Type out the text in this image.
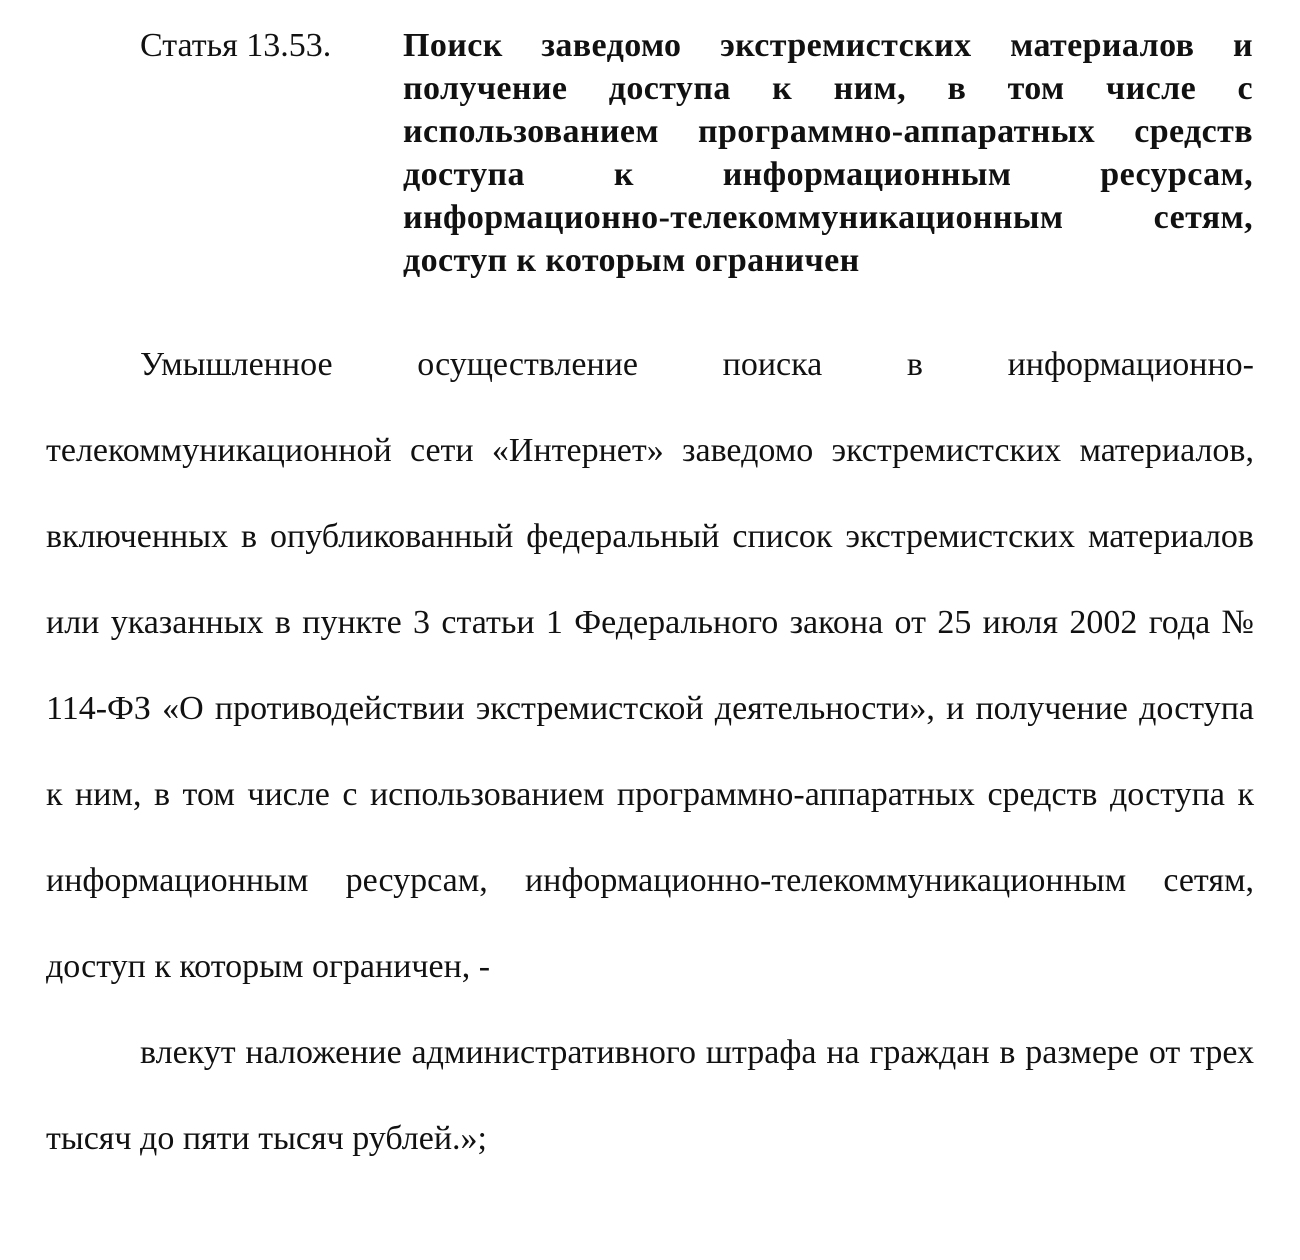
Статья 13.53. Поиск заведомо экстремистских материалов и получение доступа к ним, в том числе с использованием программно-аппаратных средств доступа к информационным ресурсам, информационно-телекоммуникационным сетям, доступ к которым ограничен

Умышленное осуществление поиска в информационно-телекоммуникационной сети «Интернет» заведомо экстремистских материалов, включенных в опубликованный федеральный список экстремистских материалов или указанных в пункте 3 статьи 1 Федерального закона от 25 июля 2002 года № 114-ФЗ «О противодействии экстремистской деятельности», и получение доступа к ним, в том числе с использованием программно-аппаратных средств доступа к информационным ресурсам, информационно-телекоммуникационным сетям, доступ к которым ограничен, -

влекут наложение административного штрафа на граждан в размере от трех тысяч до пяти тысяч рублей.»;
